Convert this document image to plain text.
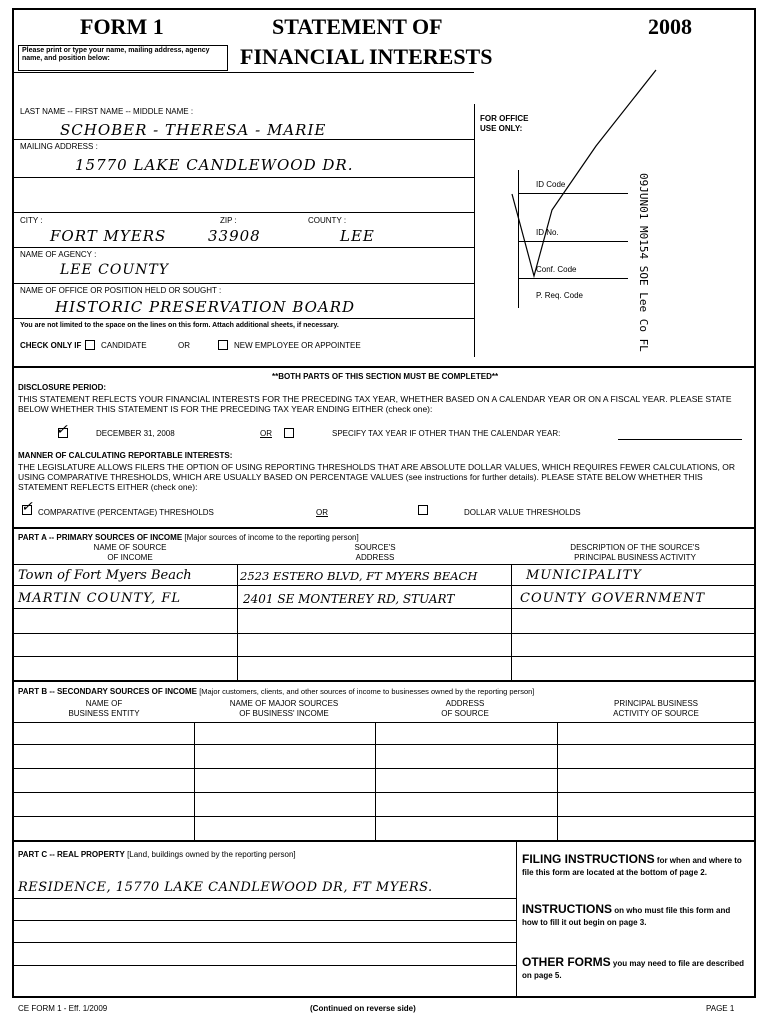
FORM 1	STATEMENT OF	2008
FINANCIAL INTERESTS
Please print or type your name, mailing address, agency name, and position below:
LAST NAME -- FIRST NAME -- MIDDLE NAME :
SCHOBER - THERESA - MARIE
MAILING ADDRESS :
15770 LAKE CANDLEWOOD DR.
CITY :	ZIP :	COUNTY :
FORT MYERS	33908	LEE
NAME OF AGENCY :
LEE COUNTY
NAME OF OFFICE OR POSITION HELD OR SOUGHT :
HISTORIC PRESERVATION BOARD
You are not limited to the space on the lines on this form. Attach additional sheets, if necessary.
CHECK ONLY IF CANDIDATE	OR	NEW EMPLOYEE OR APPOINTEE
FOR OFFICE
USE ONLY:
ID Code
ID No.
Conf. Code
P. Req. Code	09JUN01 M0154 SOE Lee Co FL
**BOTH PARTS OF THIS SECTION MUST BE COMPLETED**
DISCLOSURE PERIOD:
THIS STATEMENT REFLECTS YOUR FINANCIAL INTERESTS FOR THE PRECEDING TAX YEAR, WHETHER BASED ON A CALENDAR YEAR OR ON A FISCAL YEAR. PLEASE STATE BELOW WHETHER THIS STATEMENT IS FOR THE PRECEDING TAX YEAR ENDING EITHER (check one):
✓	DECEMBER 31, 2008	OR	SPECIFY TAX YEAR IF OTHER THAN THE CALENDAR YEAR:
MANNER OF CALCULATING REPORTABLE INTERESTS:
THE LEGISLATURE ALLOWS FILERS THE OPTION OF USING REPORTING THRESHOLDS THAT ARE ABSOLUTE DOLLAR VALUES, WHICH REQUIRES FEWER CALCULATIONS, OR USING COMPARATIVE THRESHOLDS, WHICH ARE USUALLY BASED ON PERCENTAGE VALUES (see instructions for further details). PLEASE STATE BELOW WHETHER THIS STATEMENT REFLECTS EITHER (check one):
✓ COMPARATIVE (PERCENTAGE) THRESHOLDS	OR	DOLLAR VALUE THRESHOLDS
PART A -- PRIMARY SOURCES OF INCOME [Major sources of income to the reporting person]
NAME OF SOURCE
OF INCOME
SOURCE'S
ADDRESS
DESCRIPTION OF THE SOURCE'S
PRINCIPAL BUSINESS ACTIVITY
Town of Fort Myers Beach	2523 ESTERO BLVD, FT MYERS BEACH	MUNICIPALITY
MARTIN COUNTY, FL	2401 SE MONTEREY RD, STUART	COUNTY GOVERNMENT
PART B -- SECONDARY SOURCES OF INCOME [Major customers, clients, and other sources of income to businesses owned by the reporting person]
NAME OF
BUSINESS ENTITY
NAME OF MAJOR SOURCES
OF BUSINESS' INCOME
ADDRESS
OF SOURCE
PRINCIPAL BUSINESS
ACTIVITY OF SOURCE
PART C -- REAL PROPERTY [Land, buildings owned by the reporting person]
RESIDENCE, 15770 LAKE CANDLEWOOD DR, FT MYERS.
FILING INSTRUCTIONS for when and where to file this form are located at the bottom of page 2.
INSTRUCTIONS on who must file this form and how to fill it out begin on page 3.
OTHER FORMS you may need to file are described on page 5.
CE FORM 1 - Eff. 1/2009	(Continued on reverse side)	PAGE 1
